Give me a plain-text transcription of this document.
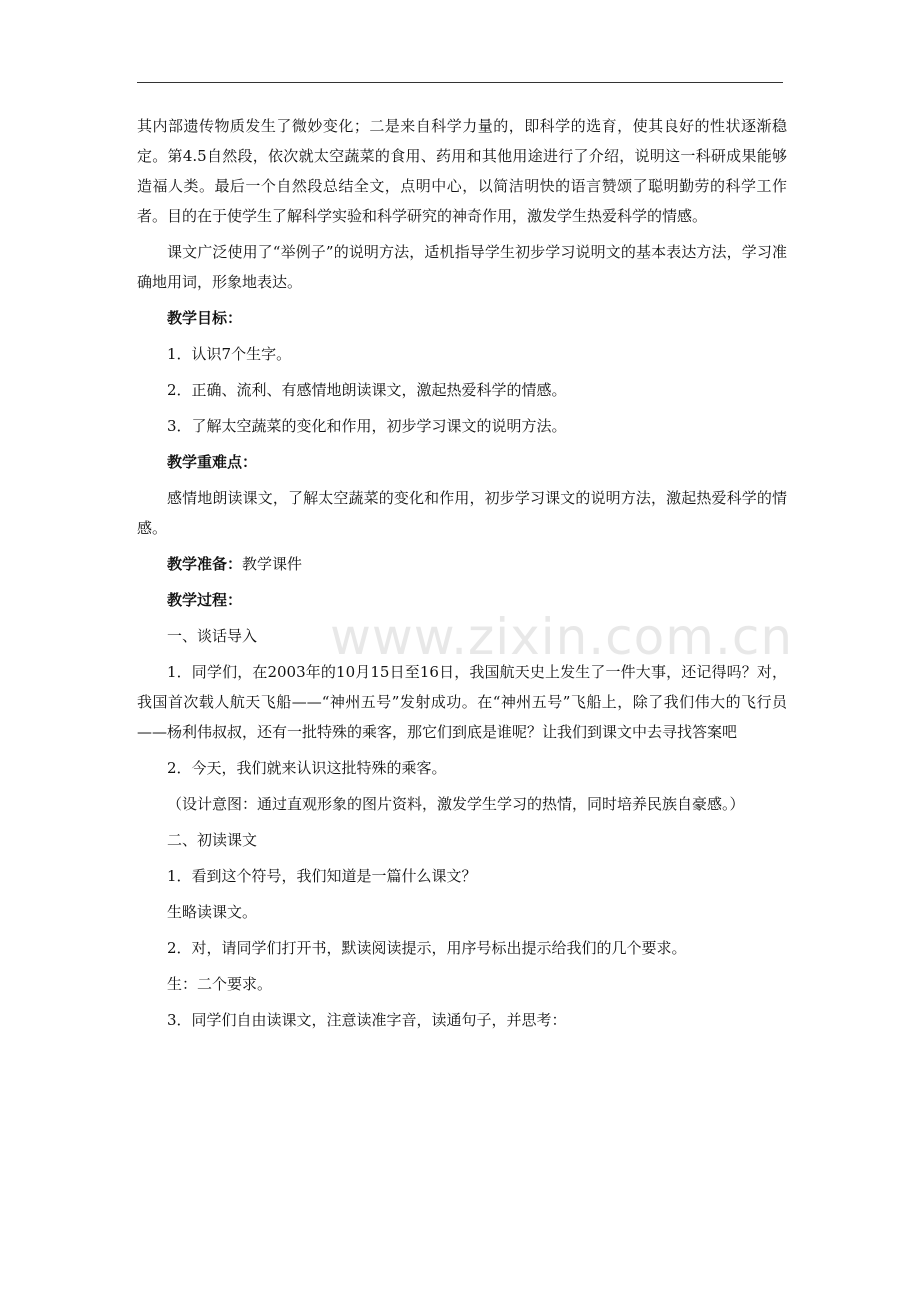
其内部遗传物质发生了微妙变化；二是来自科学力量的，即科学的选育，使其良好的性状逐渐稳定。第4.5自然段，依次就太空蔬菜的食用、药用和其他用途进行了介绍，说明这一科研成果能够造福人类。最后一个自然段总结全文，点明中心，以简洁明快的语言赞颂了聪明勤劳的科学工作者。目的在于使学生了解科学实验和科学研究的神奇作用，激发学生热爱科学的情感。

课文广泛使用了“举例子”的说明方法，适机指导学生初步学习说明文的基本表达方法，学习准确地用词，形象地表达。

教学目标：

1．认识7个生字。

2．正确、流利、有感情地朗读课文，激起热爱科学的情感。

3．了解太空蔬菜的变化和作用，初步学习课文的说明方法。

教学重难点：

感情地朗读课文，了解太空蔬菜的变化和作用，初步学习课文的说明方法，激起热爱科学的情感。

教学准备：教学课件

教学过程：

一、谈话导入

1．同学们，在2003年的10月15日至16日，我国航天史上发生了一件大事，还记得吗？对，我国首次载人航天飞船——“神州五号”发射成功。在“神州五号”飞船上，除了我们伟大的飞行员——杨利伟叔叔，还有一批特殊的乘客，那它们到底是谁呢？让我们到课文中去寻找答案吧

2．今天，我们就来认识这批特殊的乘客。

（设计意图：通过直观形象的图片资料，激发学生学习的热情，同时培养民族自豪感。）

二、初读课文

1．看到这个符号，我们知道是一篇什么课文？

生略读课文。

2．对，请同学们打开书，默读阅读提示，用序号标出提示给我们的几个要求。

生：二个要求。

3．同学们自由读课文，注意读准字音，读通句子，并思考：

www.zixin.com.cn
